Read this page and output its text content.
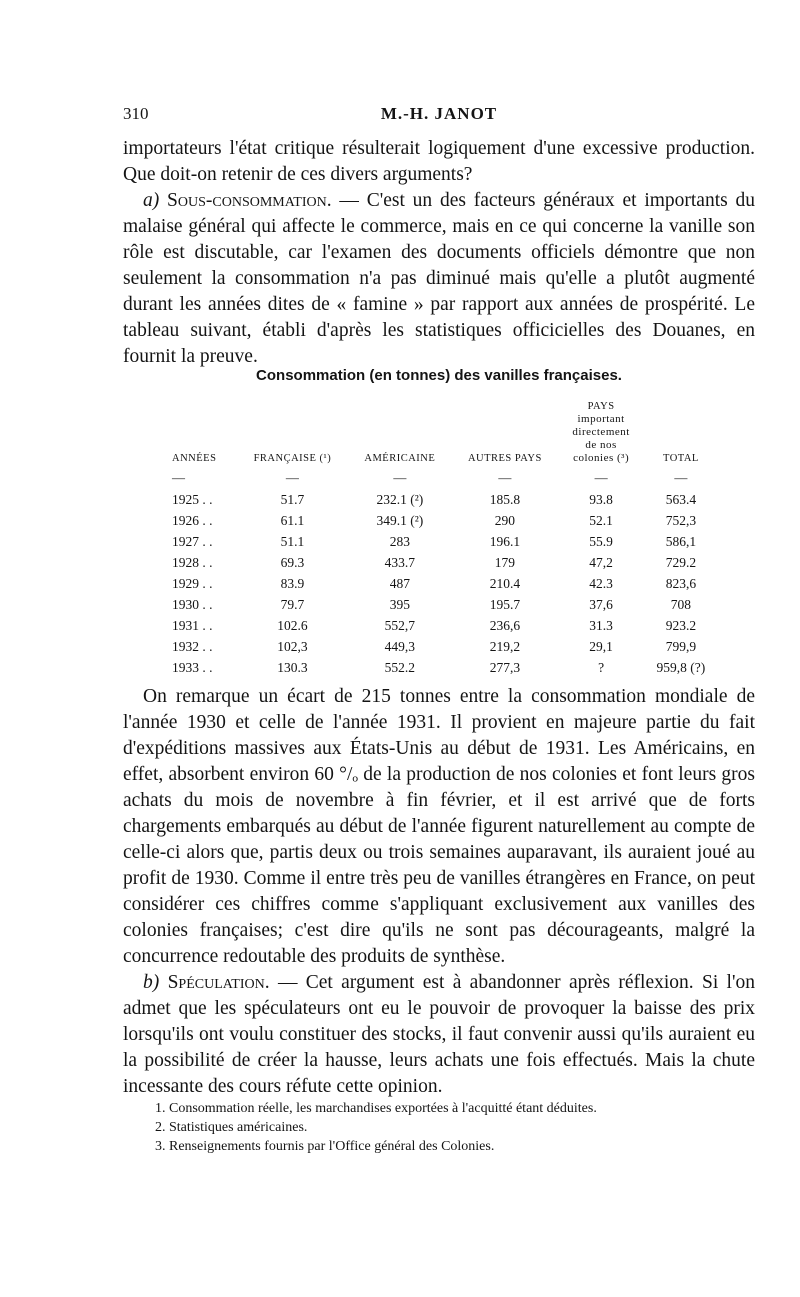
310	M.-H. JANOT

importateurs l'état critique résulterait logiquement d'une excessive production. Que doit-on retenir de ces divers arguments?

a) Sous-consommation. — C'est un des facteurs généraux et importants du malaise général qui affecte le commerce, mais en ce qui concerne la vanille son rôle est discutable, car l'examen des documents officiels démontre que non seulement la consommation n'a pas diminué mais qu'elle a plutôt augmenté durant les années dites de « famine » par rapport aux années de prospérité. Le tableau suivant, établi d'après les statistiques officicielles des Douanes, en fournit la preuve.

Consommation (en tonnes) des vanilles françaises.
ANNÉES	FRANÇAISE (¹)	AMÉRICAINE	AUTRES PAYS	PAYS
important
directement
de nos
colonies (³)	TOTAL
—	—	—	—	—	—
1925 . .	51.7	232.1 (²)	185.8	93.8	563.4
1926 . .	61.1	349.1 (²)	290	52.1	752,3
1927 . .	51.1	283	196.1	55.9	586,1
1928 . .	69.3	433.7	179	47,2	729.2
1929 . .	83.9	487	210.4	42.3	823,6
1930 . .	79.7	395	195.7	37,6	708
1931 . .	102.6	552,7	236,6	31.3	923.2
1932 . .	102,3	449,3	219,2	29,1	799,9
1933 . .	130.3	552.2	277,3	?	959,8 (?)

On remarque un écart de 215 tonnes entre la consommation mondiale de l'année 1930 et celle de l'année 1931. Il provient en majeure partie du fait d'expéditions massives aux États-Unis au début de 1931. Les Américains, en effet, absorbent environ 60 °/ₒ de la production de nos colonies et font leurs gros achats du mois de novembre à fin février, et il est arrivé que de forts chargements embarqués au début de l'année figurent naturellement au compte de celle-ci alors que, partis deux ou trois semaines auparavant, ils auraient joué au profit de 1930. Comme il entre très peu de vanilles étrangères en France, on peut considérer ces chiffres comme s'appliquant exclusivement aux vanilles des colonies françaises; c'est dire qu'ils ne sont pas décourageants, malgré la concurrence redoutable des produits de synthèse.

b) Spéculation. — Cet argument est à abandonner après réflexion. Si l'on admet que les spéculateurs ont eu le pouvoir de provoquer la baisse des prix lorsqu'ils ont voulu constituer des stocks, il faut convenir aussi qu'ils auraient eu la possibilité de créer la hausse, leurs achats une fois effectués. Mais la chute incessante des cours réfute cette opinion.

1. Consommation réelle, les marchandises exportées à l'acquitté étant déduites.
2. Statistiques américaines.
3. Renseignements fournis par l'Office général des Colonies.
